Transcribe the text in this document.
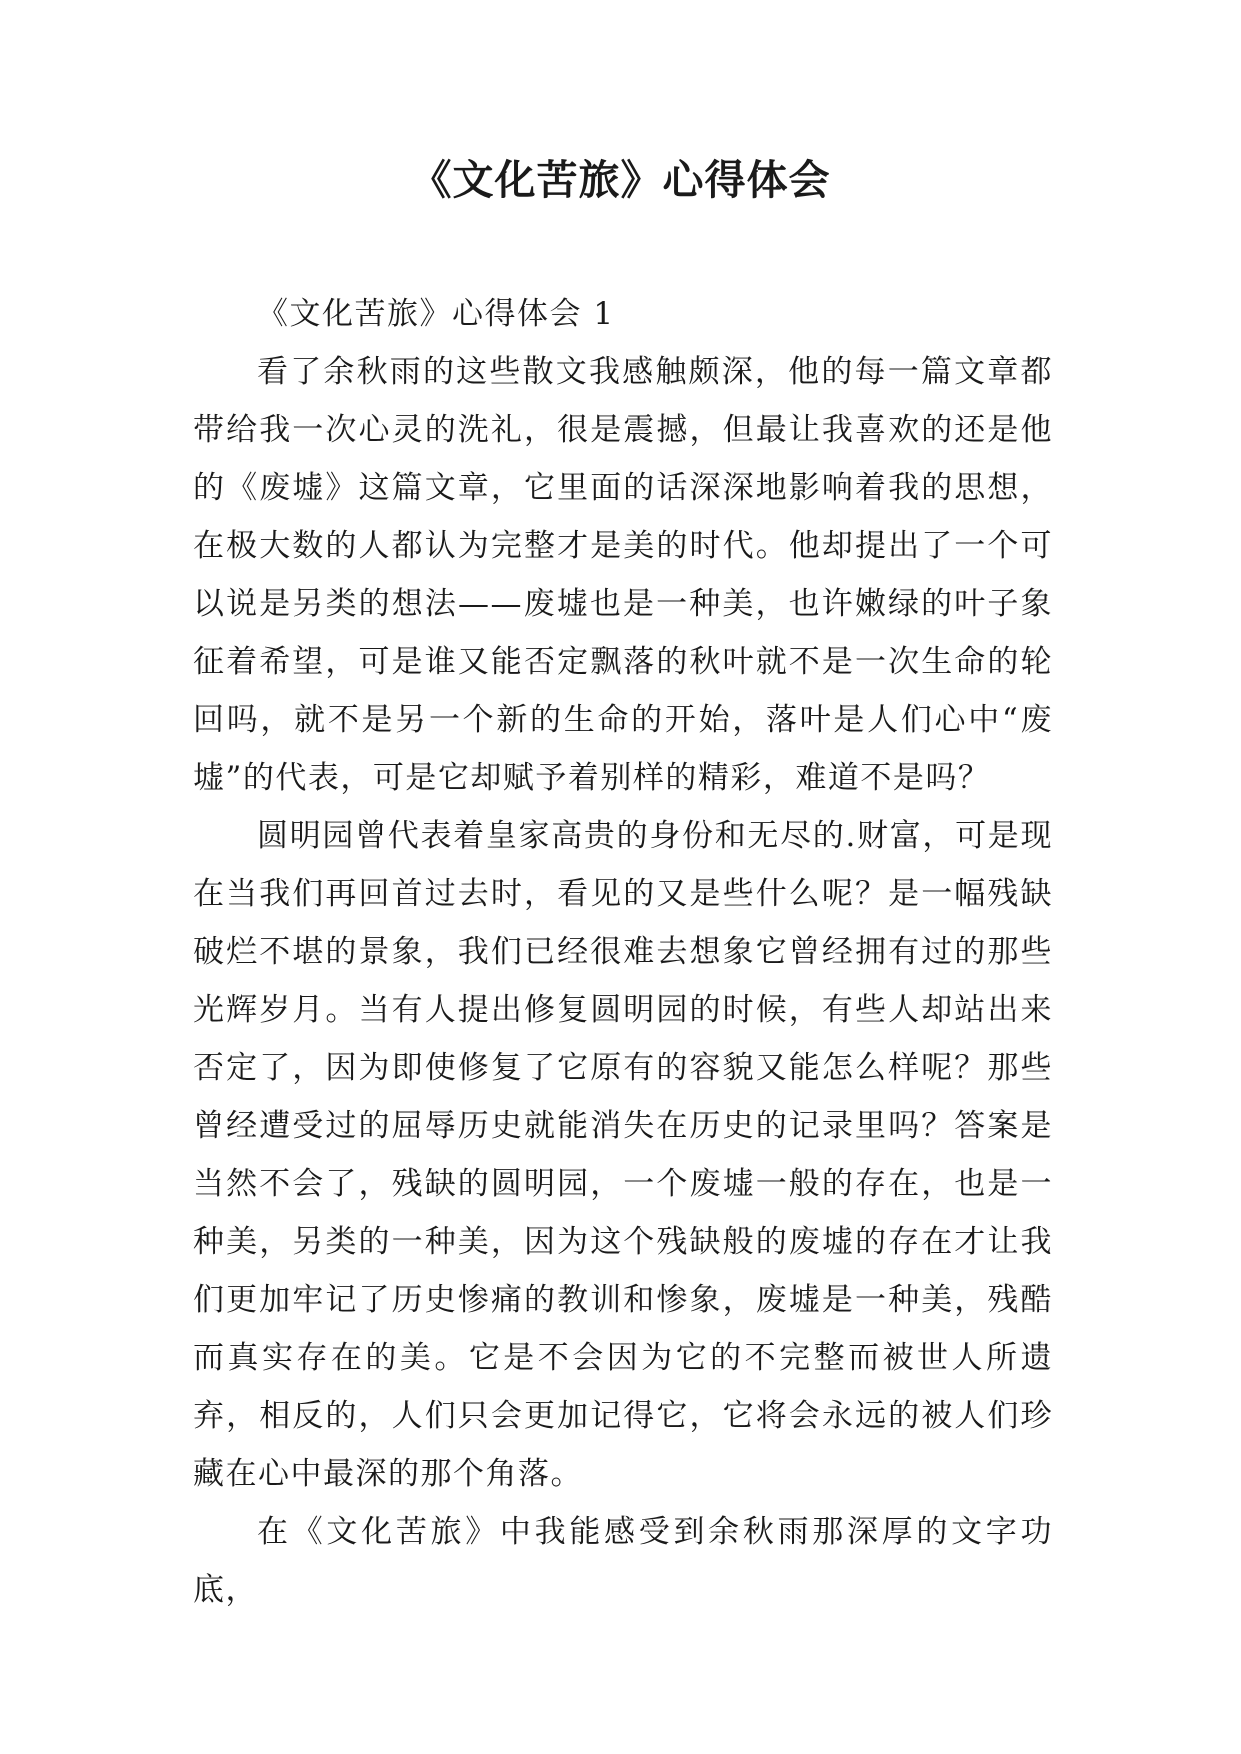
《文化苦旅》心得体会
《文化苦旅》心得体会 1

看了余秋雨的这些散文我感触颇深，他的每一篇文章都带给我一次心灵的洗礼，很是震撼，但最让我喜欢的还是他的《废墟》这篇文章，它里面的话深深地影响着我的思想，在极大数的人都认为完整才是美的时代。他却提出了一个可以说是另类的想法——废墟也是一种美，也许嫩绿的叶子象征着希望，可是谁又能否定飘落的秋叶就不是一次生命的轮回吗，就不是另一个新的生命的开始，落叶是人们心中“废墟”的代表，可是它却赋予着别样的精彩，难道不是吗？

圆明园曾代表着皇家高贵的身份和无尽的.财富，可是现在当我们再回首过去时，看见的又是些什么呢？是一幅残缺破烂不堪的景象，我们已经很难去想象它曾经拥有过的那些光辉岁月。当有人提出修复圆明园的时候，有些人却站出来否定了，因为即使修复了它原有的容貌又能怎么样呢？那些曾经遭受过的屈辱历史就能消失在历史的记录里吗？答案是当然不会了，残缺的圆明园，一个废墟一般的存在，也是一种美，另类的一种美，因为这个残缺般的废墟的存在才让我们更加牢记了历史惨痛的教训和惨象，废墟是一种美，残酷而真实存在的美。它是不会因为它的不完整而被世人所遗弃，相反的，人们只会更加记得它，它将会永远的被人们珍藏在心中最深的那个角落。

在《文化苦旅》中我能感受到余秋雨那深厚的文字功底，
